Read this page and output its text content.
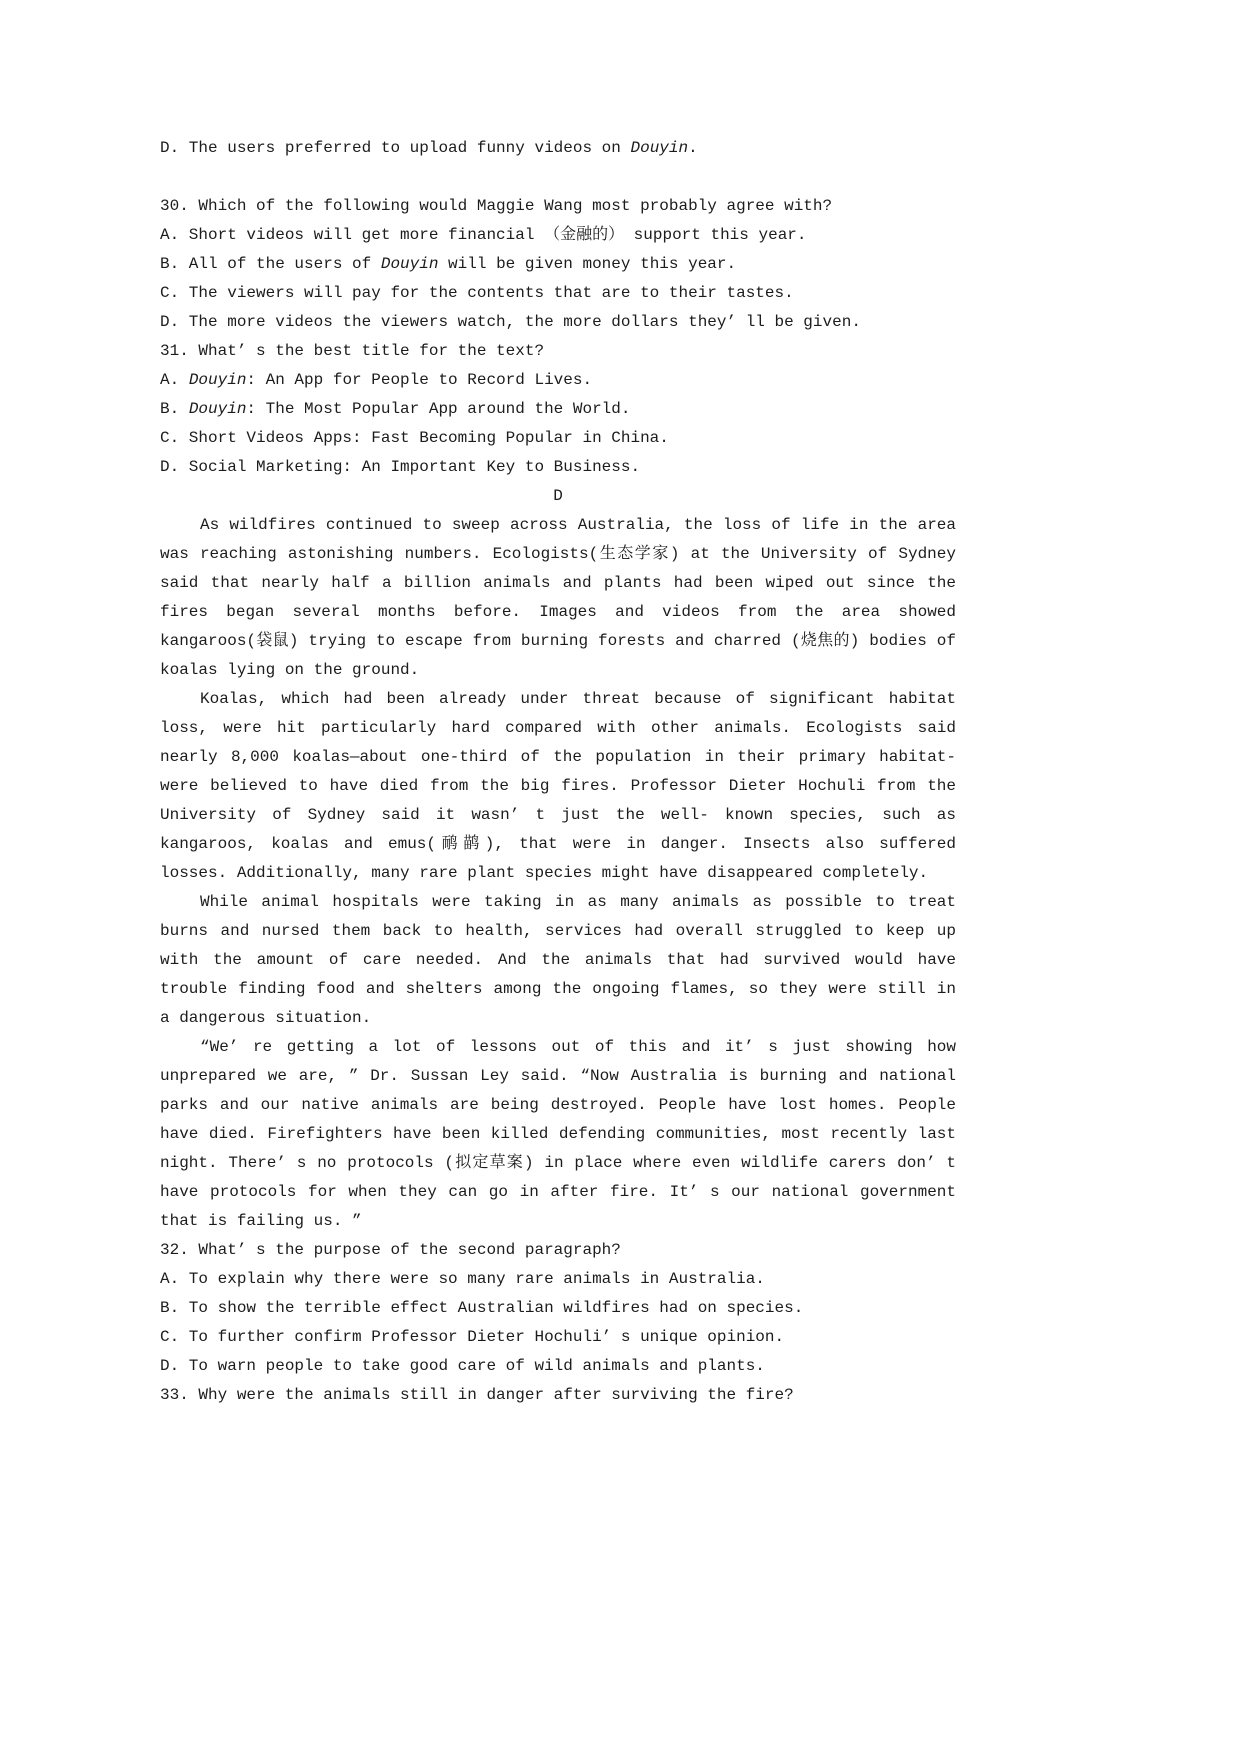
D. The users preferred to upload funny videos on Douyin.
30. Which of the following would Maggie Wang most probably agree with?
A. Short videos will get more financial （金融的） support this year.
B. All of the users of Douyin will be given money this year.
C. The viewers will pay for the contents that are to their tastes.
D. The more videos the viewers watch, the more dollars they’ ll be given.
31. What’ s the best title for the text?
A. Douyin: An App for People to Record Lives.
B. Douyin: The Most Popular App around the World.
C. Short Videos Apps: Fast Becoming Popular in China.
D. Social Marketing: An Important Key to Business.
D
As wildfires continued to sweep across Australia, the loss of life in the area was reaching astonishing numbers. Ecologists(生态学家) at the University of Sydney said that nearly half a billion animals and plants had been wiped out since the fires began several months before. Images and videos from the area showed kangaroos(袋鼠) trying to escape from burning forests and charred (烧焦的) bodies of koalas lying on the ground.
Koalas, which had been already under threat because of significant habitat loss, were hit particularly hard compared with other animals. Ecologists said nearly 8,000 koalas—about one-third of the population in their primary habitat-were believed to have died from the big fires. Professor Dieter Hochuli from the University of Sydney said it wasn’ t just the well- known species, such as kangaroos, koalas and emus(鸸鹋), that were in danger. Insects also suffered losses. Additionally, many rare plant species might have disappeared completely.
While animal hospitals were taking in as many animals as possible to treat burns and nursed them back to health, services had overall struggled to keep up with the amount of care needed. And the animals that had survived would have trouble finding food and shelters among the ongoing flames, so they were still in a dangerous situation.
“We’ re getting a lot of lessons out of this and it’ s just showing how unprepared we are, ” Dr. Sussan Ley said. “Now Australia is burning and national parks and our native animals are being destroyed. People have lost homes. People have died. Firefighters have been killed defending communities, most recently last night. There’ s no protocols (拟定草案) in place where even wildlife carers don’ t have protocols for when they can go in after fire. It’ s our national government that is failing us. ”
32. What’ s the purpose of the second paragraph?
A. To explain why there were so many rare animals in Australia.
B. To show the terrible effect Australian wildfires had on species.
C. To further confirm Professor Dieter Hochuli’ s unique opinion.
D. To warn people to take good care of wild animals and plants.
33. Why were the animals still in danger after surviving the fire?
